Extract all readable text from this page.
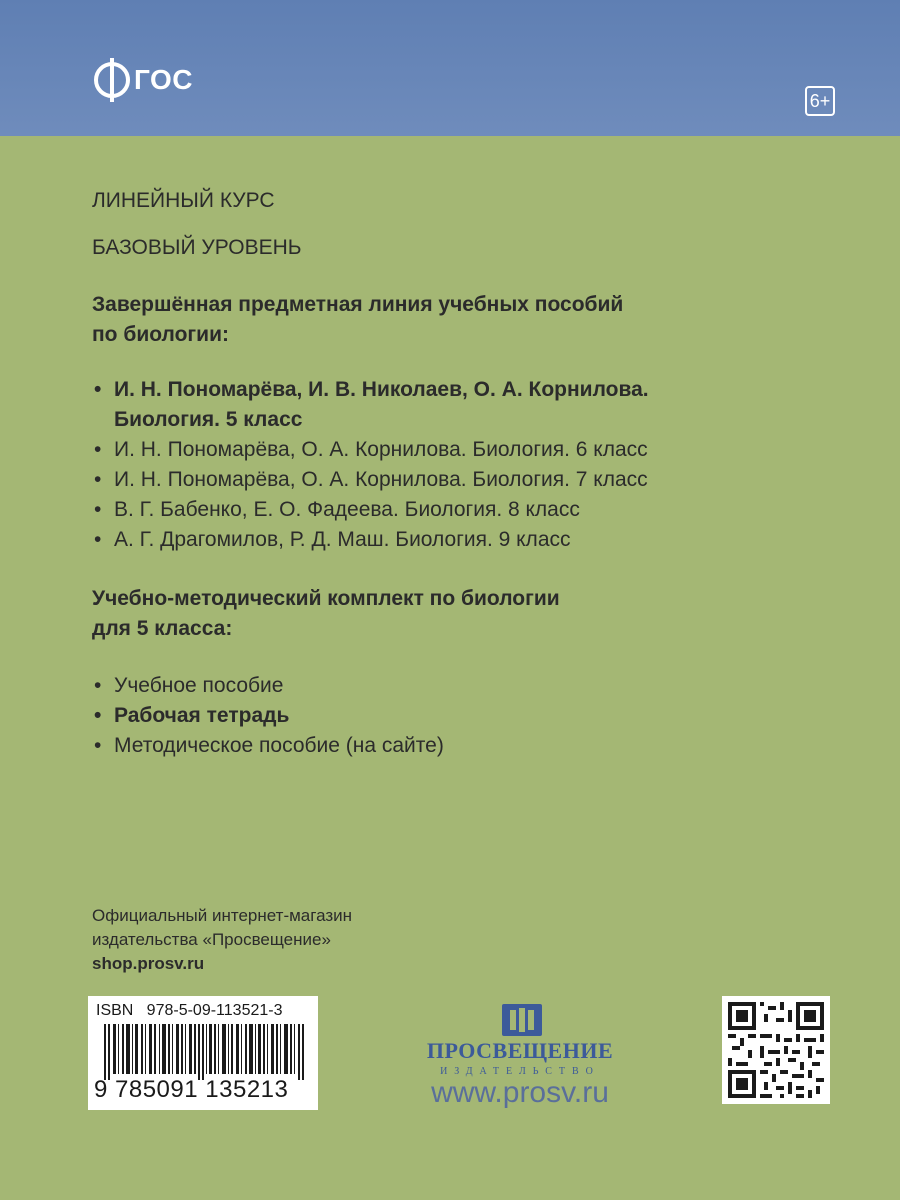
ГОС
6+
ЛИНЕЙНЫЙ КУРС
БАЗОВЫЙ УРОВЕНЬ
Завершённая предметная линия учебных пособий
по биологии:
• И. Н. Пономарёва, И. В. Николаев, О. А. Корнилова.
Биология. 5 класс
• И. Н. Пономарёва, О. А. Корнилова. Биология. 6 класс
• И. Н. Пономарёва, О. А. Корнилова. Биология. 7 класс
• В. Г. Бабенко, Е. О. Фадеева. Биология. 8 класс
• А. Г. Драгомилов, Р. Д. Маш. Биология. 9 класс
Учебно-методический комплект по биологии
для 5 класса:
• Учебное пособие
• Рабочая тетрадь
• Методическое пособие (на сайте)
Официальный интернет-магазин
издательства «Просвещение»
shop.prosv.ru
ISBN   978-5-09-113521-3
9 785091 135213
ПРОСВЕЩЕНИЕ
ИЗДАТЕЛЬСТВО
www.prosv.ru
